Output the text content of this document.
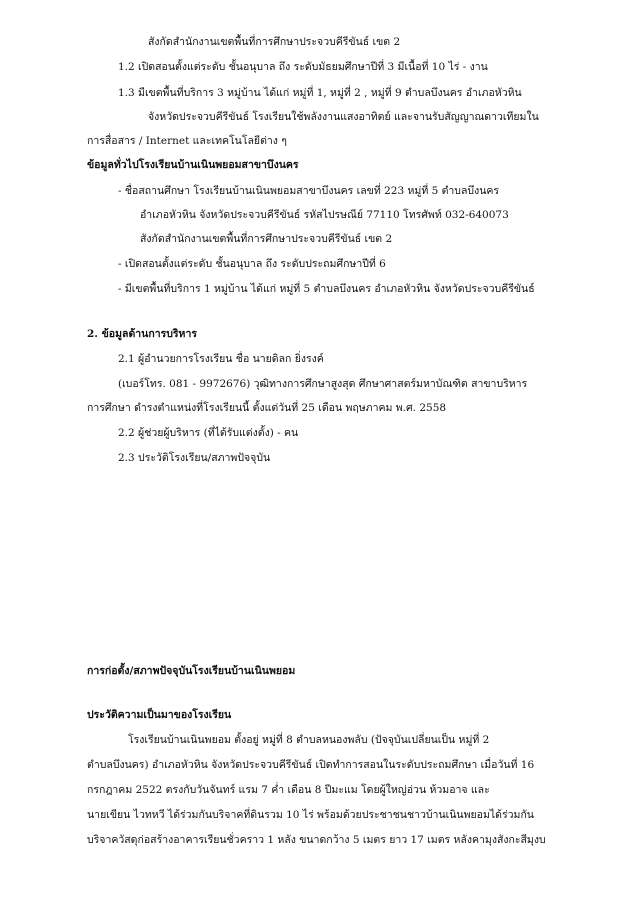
สังกัดสำนักงานเขตพื้นที่การศึกษาประจวบคีรีขันธ์ เขต 2
1.2 เปิดสอนตั้งแต่ระดับ ชั้นอนุบาล ถึง ระดับมัธยมศึกษาปีที่ 3 มีเนื้อที่ 10 ไร่ - งาน
1.3 มีเขตพื้นที่บริการ 3 หมู่บ้าน ได้แก่ หมู่ที่ 1, หมู่ที่ 2 , หมู่ที่ 9 ตำบลบึงนคร อำเภอหัวหิน
จังหวัดประจวบคีรีขันธ์ โรงเรียนใช้พลังงานแสงอาทิตย์ และจานรับสัญญาณดาวเทียมใน
การสื่อสาร / Internet และเทคโนโลยีต่าง ๆ
ข้อมูลทั่วไปโรงเรียนบ้านเนินพยอมสาขาบึงนคร
- ชื่อสถานศึกษา โรงเรียนบ้านเนินพยอมสาขาบึงนคร เลขที่ 223 หมู่ที่ 5 ตำบลบึงนคร
อำเภอหัวหิน จังหวัดประจวบคีรีขันธ์ รหัสไปรษณีย์ 77110 โทรศัพท์ 032-640073
สังกัดสำนักงานเขตพื้นที่การศึกษาประจวบคีรีขันธ์ เขต 2
- เปิดสอนตั้งแต่ระดับ ชั้นอนุบาล ถึง ระดับประถมศึกษาปีที่ 6
- มีเขตพื้นที่บริการ 1 หมู่บ้าน ได้แก่ หมู่ที่ 5 ตำบลบึงนคร อำเภอหัวหิน จังหวัดประจวบคีรีขันธ์
2. ข้อมูลด้านการบริหาร
2.1 ผู้อำนวยการโรงเรียน ชื่อ นายดิลก ยิ่งรงค์
(เบอร์โทร. 081 - 9972676) วุฒิทางการศึกษาสูงสุด ศึกษาศาสตร์มหาบัณฑิต สาขาบริหาร
การศึกษา ดำรงตำแหน่งที่โรงเรียนนี้ ตั้งแต่วันที่ 25 เดือน พฤษภาคม พ.ศ. 2558
2.2 ผู้ช่วยผู้บริหาร (ที่ได้รับแต่งตั้ง) - คน
2.3 ประวัติโรงเรียน/สภาพปัจจุบัน
การก่อตั้ง/สภาพปัจจุบันโรงเรียนบ้านเนินพยอม
ประวัติความเป็นมาของโรงเรียน
โรงเรียนบ้านเนินพยอม ตั้งอยู่ หมู่ที่ 8 ตำบลหนองพลับ (ปัจจุบันเปลี่ยนเป็น หมู่ที่ 2
ตำบลบึงนคร) อำเภอหัวหิน จังหวัดประจวบคีรีขันธ์ เปิดทำการสอนในระดับประถมศึกษา เมื่อวันที่ 16
กรกฎาคม 2522 ตรงกับวันจันทร์ แรม 7 ค่ำ เดือน 8 ปีมะแม โดยผู้ใหญ่อ่วน ห้วมอาจ และ
นายเขียน ไวทหวี ได้ร่วมกันบริจาคที่ดินรวม 10 ไร่ พร้อมด้วยประชาชนชาวบ้านเนินพยอมได้ร่วมกัน
บริจาควัสดุก่อสร้างอาคารเรียนชั่วคราว 1 หลัง ขนาดกว้าง 5 เมตร ยาว 17 เมตร หลังคามุงสังกะสีมุงบ
